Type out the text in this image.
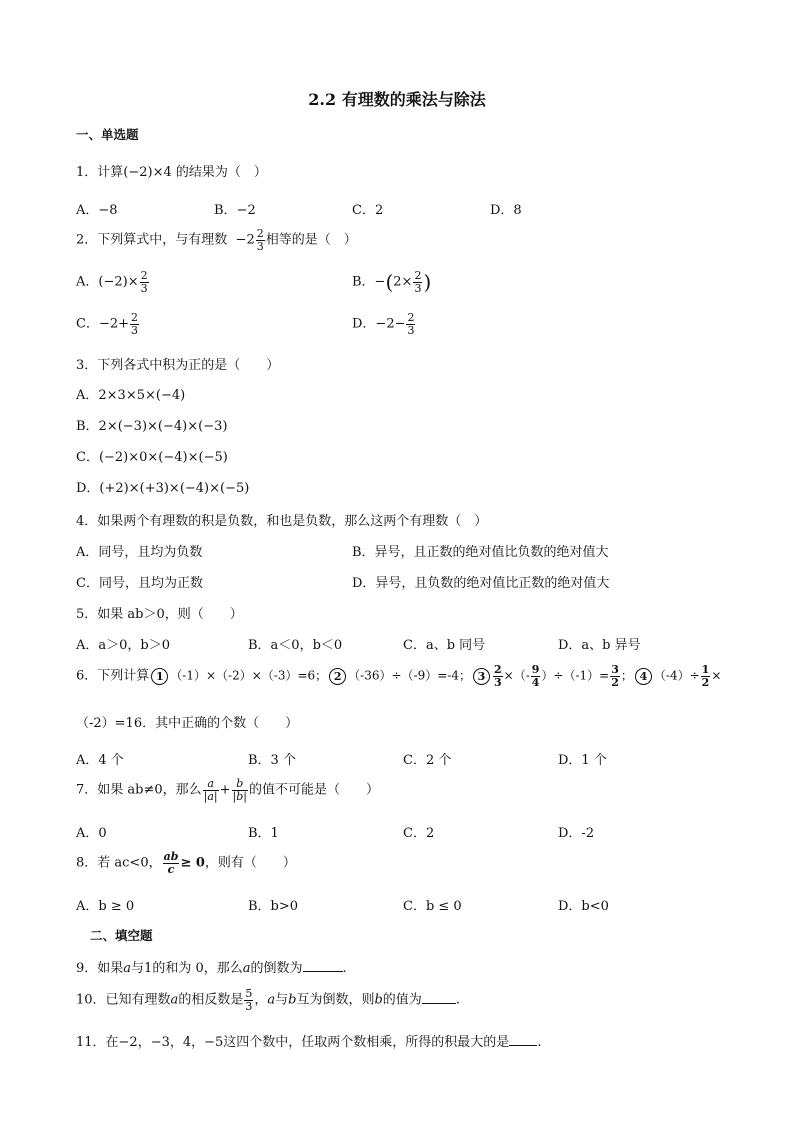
2.2 有理数的乘法与除法
一、单选题
1．计算(−2)×4 的结果为（　）
A．−8	B．−2	C．2	D．8
2．下列算式中，与有理数 $-2 \frac{2}{3}$ 相等的是（　）
A．$(-2)\times \frac{2}{3}$	B．$-(2\times \frac{2}{3}$ )
C．$-2+ \frac{2}{3}$	D．$-2- \frac{2}{3}$
3．下列各式中积为正的是（　　）
A．2×3×5×(−4)
B．2×(−3)×(−4)×(−3)
C．(−2)×0×(−4)×(−5)
D．(+2)×(+3)×(−4)×(−5)
4．如果两个有理数的积是负数，和也是负数，那么这两个有理数（　）
A．同号，且均为负数	B．异号，且正数的绝对值比负数的绝对值大
C．同号，且均为正数	D．异号，且负数的绝对值比正数的绝对值大
5．如果 ab＞0，则（　　）
A．a＞0，b＞0	B．a＜0，b＜0	C．a、b 同号	D．a、b 异号
6．下列计算 1 （-1）×（-2）×（-3）=6； 2 （-36）÷（-9）=-4； $3 \frac{2}{3}$ ×（- $\frac{9}{4} )\div(-1)= \frac{3}{2}$ ； 4 $(-4)\div \frac{1}{2}$ ×
（-2）=16．其中正确的个数（　　）
A．4 个	B．3 个	C．2 个	D．1 个
7．如果 ab≠0，那么 $\frac{a}{|a|} + \frac{b}{|b|}$ 的值不可能是（　　）
A．0	B．1	C．2	D．-2
8．若 ac<0， $\frac{ab}{c} \ge 0$，则有（　　）
A．b ≥ 0	B．b>0	C．b ≤ 0	D．b<0
二、填空题
9．如果a与1的和为 0，那么a的倒数为	.
10．已知有理数a的相反数是 $\frac{5}{3}$ ，a与b互为倒数，则b的值为	.
11．在−2，−3，4，−5这四个数中，任取两个数相乘，所得的积最大的是 .
